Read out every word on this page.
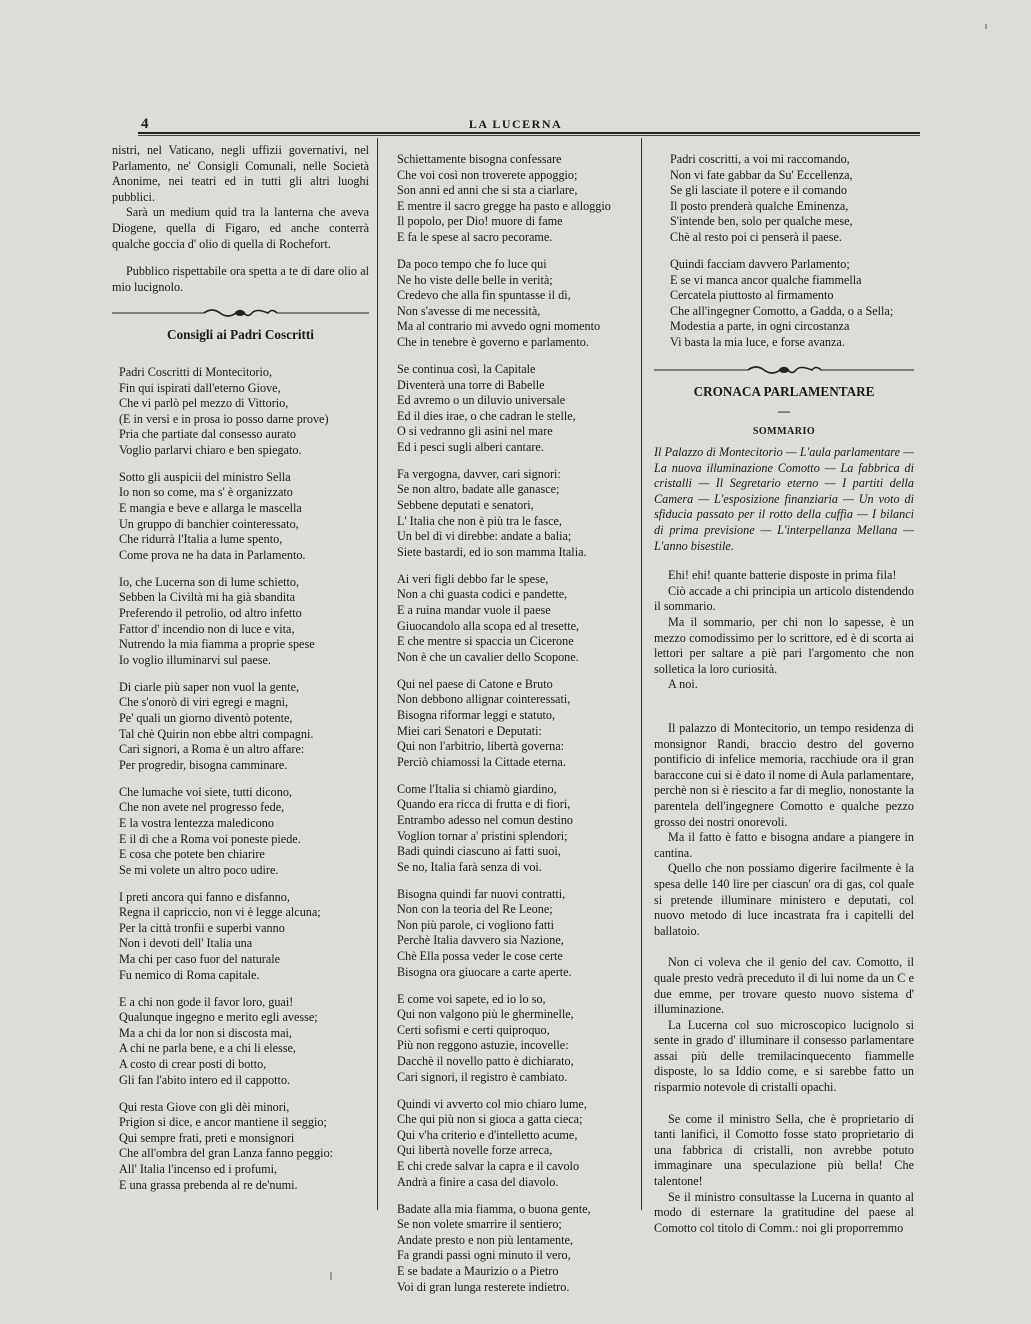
4	LA LUCERNA

nistri, nel Vaticano, negli uffizii governativi, nel Parlamento, ne' Consigli Comunali, nelle Società Anonime, nei teatri ed in tutti gli altri luoghi pubblici.

Sarà un medium quid tra la lanterna che aveva Diogene, quella di Figaro, ed anche conterrà qualche goccia d' olio di quella di Rochefort.

Pubblico rispettabile ora spetta a te di dare olio al mio lucignolo.

Consigli ai Padri Coscritti
Padri Coscritti di Montecitorio,
Fin qui ispirati dall'eterno Giove,
Che vi parlò pel mezzo di Vittorio,
(E in versi e in prosa io posso darne prove)
Pria che partiate dal consesso aurato
Voglio parlarvi chiaro e ben spiegato.
Sotto gli auspicii del ministro Sella
Io non so come, ma s' è organizzato
E mangia e beve e allarga le mascella
Un gruppo di banchier cointeressato,
Che ridurrà l'Italia a lume spento,
Come prova ne ha data in Parlamento.
Io, che Lucerna son di lume schietto,
Sebben la Civiltà mi ha già sbandita
Preferendo il petrolio, od altro infetto
Fattor d' incendio non di luce e vita,
Nutrendo la mia fiamma a proprie spese
Io voglio illuminarvi sul paese.
Di ciarle più saper non vuol la gente,
Che s'onorò di viri egregi e magni,
Pe' quali un giorno diventò potente,
Tal chè Quirin non ebbe altri compagni.
Cari signori, a Roma è un altro affare:
Per progredir, bisogna camminare.
Che lumache voi siete, tutti dicono,
Che non avete nel progresso fede,
E la vostra lentezza maledicono
E il dì che a Roma voi poneste piede.
E cosa che potete ben chiarire
Se mi volete un altro poco udire.
I preti ancora qui fanno e disfanno,
Regna il capriccio, non vi è legge alcuna;
Per la città tronfii e superbi vanno
Non i devoti dell' Italia una
Ma chi per caso fuor del naturale
Fu nemico di Roma capitale.
E a chi non gode il favor loro, guai!
Qualunque ingegno e merito egli avesse;
Ma a chi da lor non si discosta mai,
A chi ne parla bene, e a chi li elesse,
A costo di crear posti di botto,
Gli fan l'abito intero ed il cappotto.
Qui resta Giove con gli dèi minori,
Prigion si dice, e ancor mantiene il seggio;
Qui sempre frati, preti e monsignori
Che all'ombra del gran Lanza fanno peggio:
All' Italia l'incenso ed i profumi,
E una grassa prebenda al re de'numi.
Schiettamente bisogna confessare
Che voi così non troverete appoggio;
Son anni ed anni che si sta a ciarlare,
E mentre il sacro gregge ha pasto e alloggio
Il popolo, per Dio! muore di fame
E fa le spese al sacro pecorame.
Da poco tempo che fo luce qui
Ne ho viste delle belle in verità;
Credevo che alla fin spuntasse il dì,
Non s'avesse di me necessità,
Ma al contrario mi avvedo ogni momento
Che in tenebre è governo e parlamento.
Se continua così, la Capitale
Diventerà una torre di Babelle
Ed avremo o un diluvio universale
Ed il dies irae, o che cadran le stelle,
O si vedranno gli asini nel mare
Ed i pesci sugli alberi cantare.
Fa vergogna, davver, cari signori:
Se non altro, badate alle ganasce;
Sebbene deputati e senatori,
L' Italia che non è più tra le fasce,
Un bel dì vi direbbe: andate a balia;
Siete bastardi, ed io son mamma Italia.
Ai veri figli debbo far le spese,
Non a chi guasta codici e pandette,
E a ruina mandar vuole il paese
Giuocandolo alla scopa ed al tresette,
E che mentre si spaccia un Cicerone
Non è che un cavalier dello Scopone.
Qui nel paese di Catone e Bruto
Non debbono allignar cointeressati,
Bisogna riformar leggi e statuto,
Miei cari Senatori e Deputati:
Qui non l'arbitrio, libertà governa:
Perciò chiamossi la Cittade eterna.
Come l'Italia si chiamò giardino,
Quando era ricca di frutta e di fiori,
Entrambo adesso nel comun destino
Voglion tornar a' pristini splendori;
Badi quindi ciascuno ai fatti suoi,
Se no, Italia farà senza di voi.
Bisogna quindi far nuovi contratti,
Non con la teoria del Re Leone;
Non più parole, ci vogliono fatti
Perchè Italia davvero sia Nazione,
Chè Ella possa veder le cose certe
Bisogna ora giuocare a carte aperte.
E come voi sapete, ed io lo so,
Qui non valgono più le gherminelle,
Certi sofismi e certi quiproquo,
Più non reggono astuzie, incovelle:
Dacchè il novello patto è dichiarato,
Cari signori, il registro è cambiato.
Quindi vi avverto col mio chiaro lume,
Che qui più non si gioca a gatta cieca;
Qui v'ha criterio e d'intelletto acume,
Qui libertà novelle forze arreca,
E chi crede salvar la capra e il cavolo
Andrà a finire a casa del diavolo.
Badate alla mia fiamma, o buona gente,
Se non volete smarrire il sentiero;
Andate presto e non più lentamente,
Fa grandi passi ogni minuto il vero,
E se badate a Maurizio o a Pietro
Voi di gran lunga resterete indietro.
Padri coscritti, a voi mi raccomando,
Non vi fate gabbar da Su' Eccellenza,
Se gli lasciate il potere e il comando
Il posto prenderà qualche Eminenza,
S'intende ben, solo per qualche mese,
Chè al resto poi ci penserà il paese.
Quindi facciam davvero Parlamento;
E se vi manca ancor qualche fiammella
Cercatela piuttosto al firmamento
Che all'ingegner Comotto, a Gadda, o a Sella;
Modestia a parte, in ogni circostanza
Vi basta la mia luce, e forse avanza.
CRONACA PARLAMENTARE
—
SOMMARIO
Il Palazzo di Montecitorio — L'aula parlamentare — La nuova illuminazione Comotto — La fabbrica di cristalli — Il Segretario eterno — I partiti della Camera — L'esposizione finanziaria — Un voto di sfiducia passato per il rotto della cuffia — I bilanci di prima previsione — L'interpellanza Mellana — L'anno bisestile.

Ehi! ehi! quante batterie disposte in prima fila!

Ciò accade a chi principia un articolo distendendo il sommario.

Ma il sommario, per chi non lo sapesse, è un mezzo comodissimo per lo scrittore, ed è di scorta ai lettori per saltare a piè pari l'argomento che non solletica la loro curiosità.

A noi.

Il palazzo di Montecitorio, un tempo residenza di monsignor Randi, braccio destro del governo pontificio di infelice memoria, racchiude ora il gran baraccone cui si è dato il nome di Aula parlamentare, perchè non si è riescito a far di meglio, nonostante la parentela dell'ingegnere Comotto e qualche pezzo grosso dei nostri onorevoli.

Ma il fatto è fatto e bisogna andare a piangere in cantina.

Quello che non possiamo digerire facilmente è la spesa delle 140 lire per ciascun' ora di gas, col quale si pretende illuminare ministero e deputati, col nuovo metodo di luce incastrata fra i capitelli del ballatoio.

Non ci voleva che il genio del cav. Comotto, il quale presto vedrà preceduto il di lui nome da un C e due emme, per trovare questo nuovo sistema d' illuminazione.

La Lucerna col suo microscopico lucignolo si sente in grado d' illuminare il consesso parlamentare assai più delle tremilacinquecento fiammelle disposte, lo sa Iddio come, e si sarebbe fatto un risparmio notevole di cristalli opachi.

Se come il ministro Sella, che è proprietario di tanti lanificì, il Comotto fosse stato proprietario di una fabbrica di cristalli, non avrebbe potuto immaginare una speculazione più bella! Che talentone!

Se il ministro consultasse la Lucerna in quanto al modo di esternare la gratitudine del paese al Comotto col titolo di Comm.: noi gli proporremmo
